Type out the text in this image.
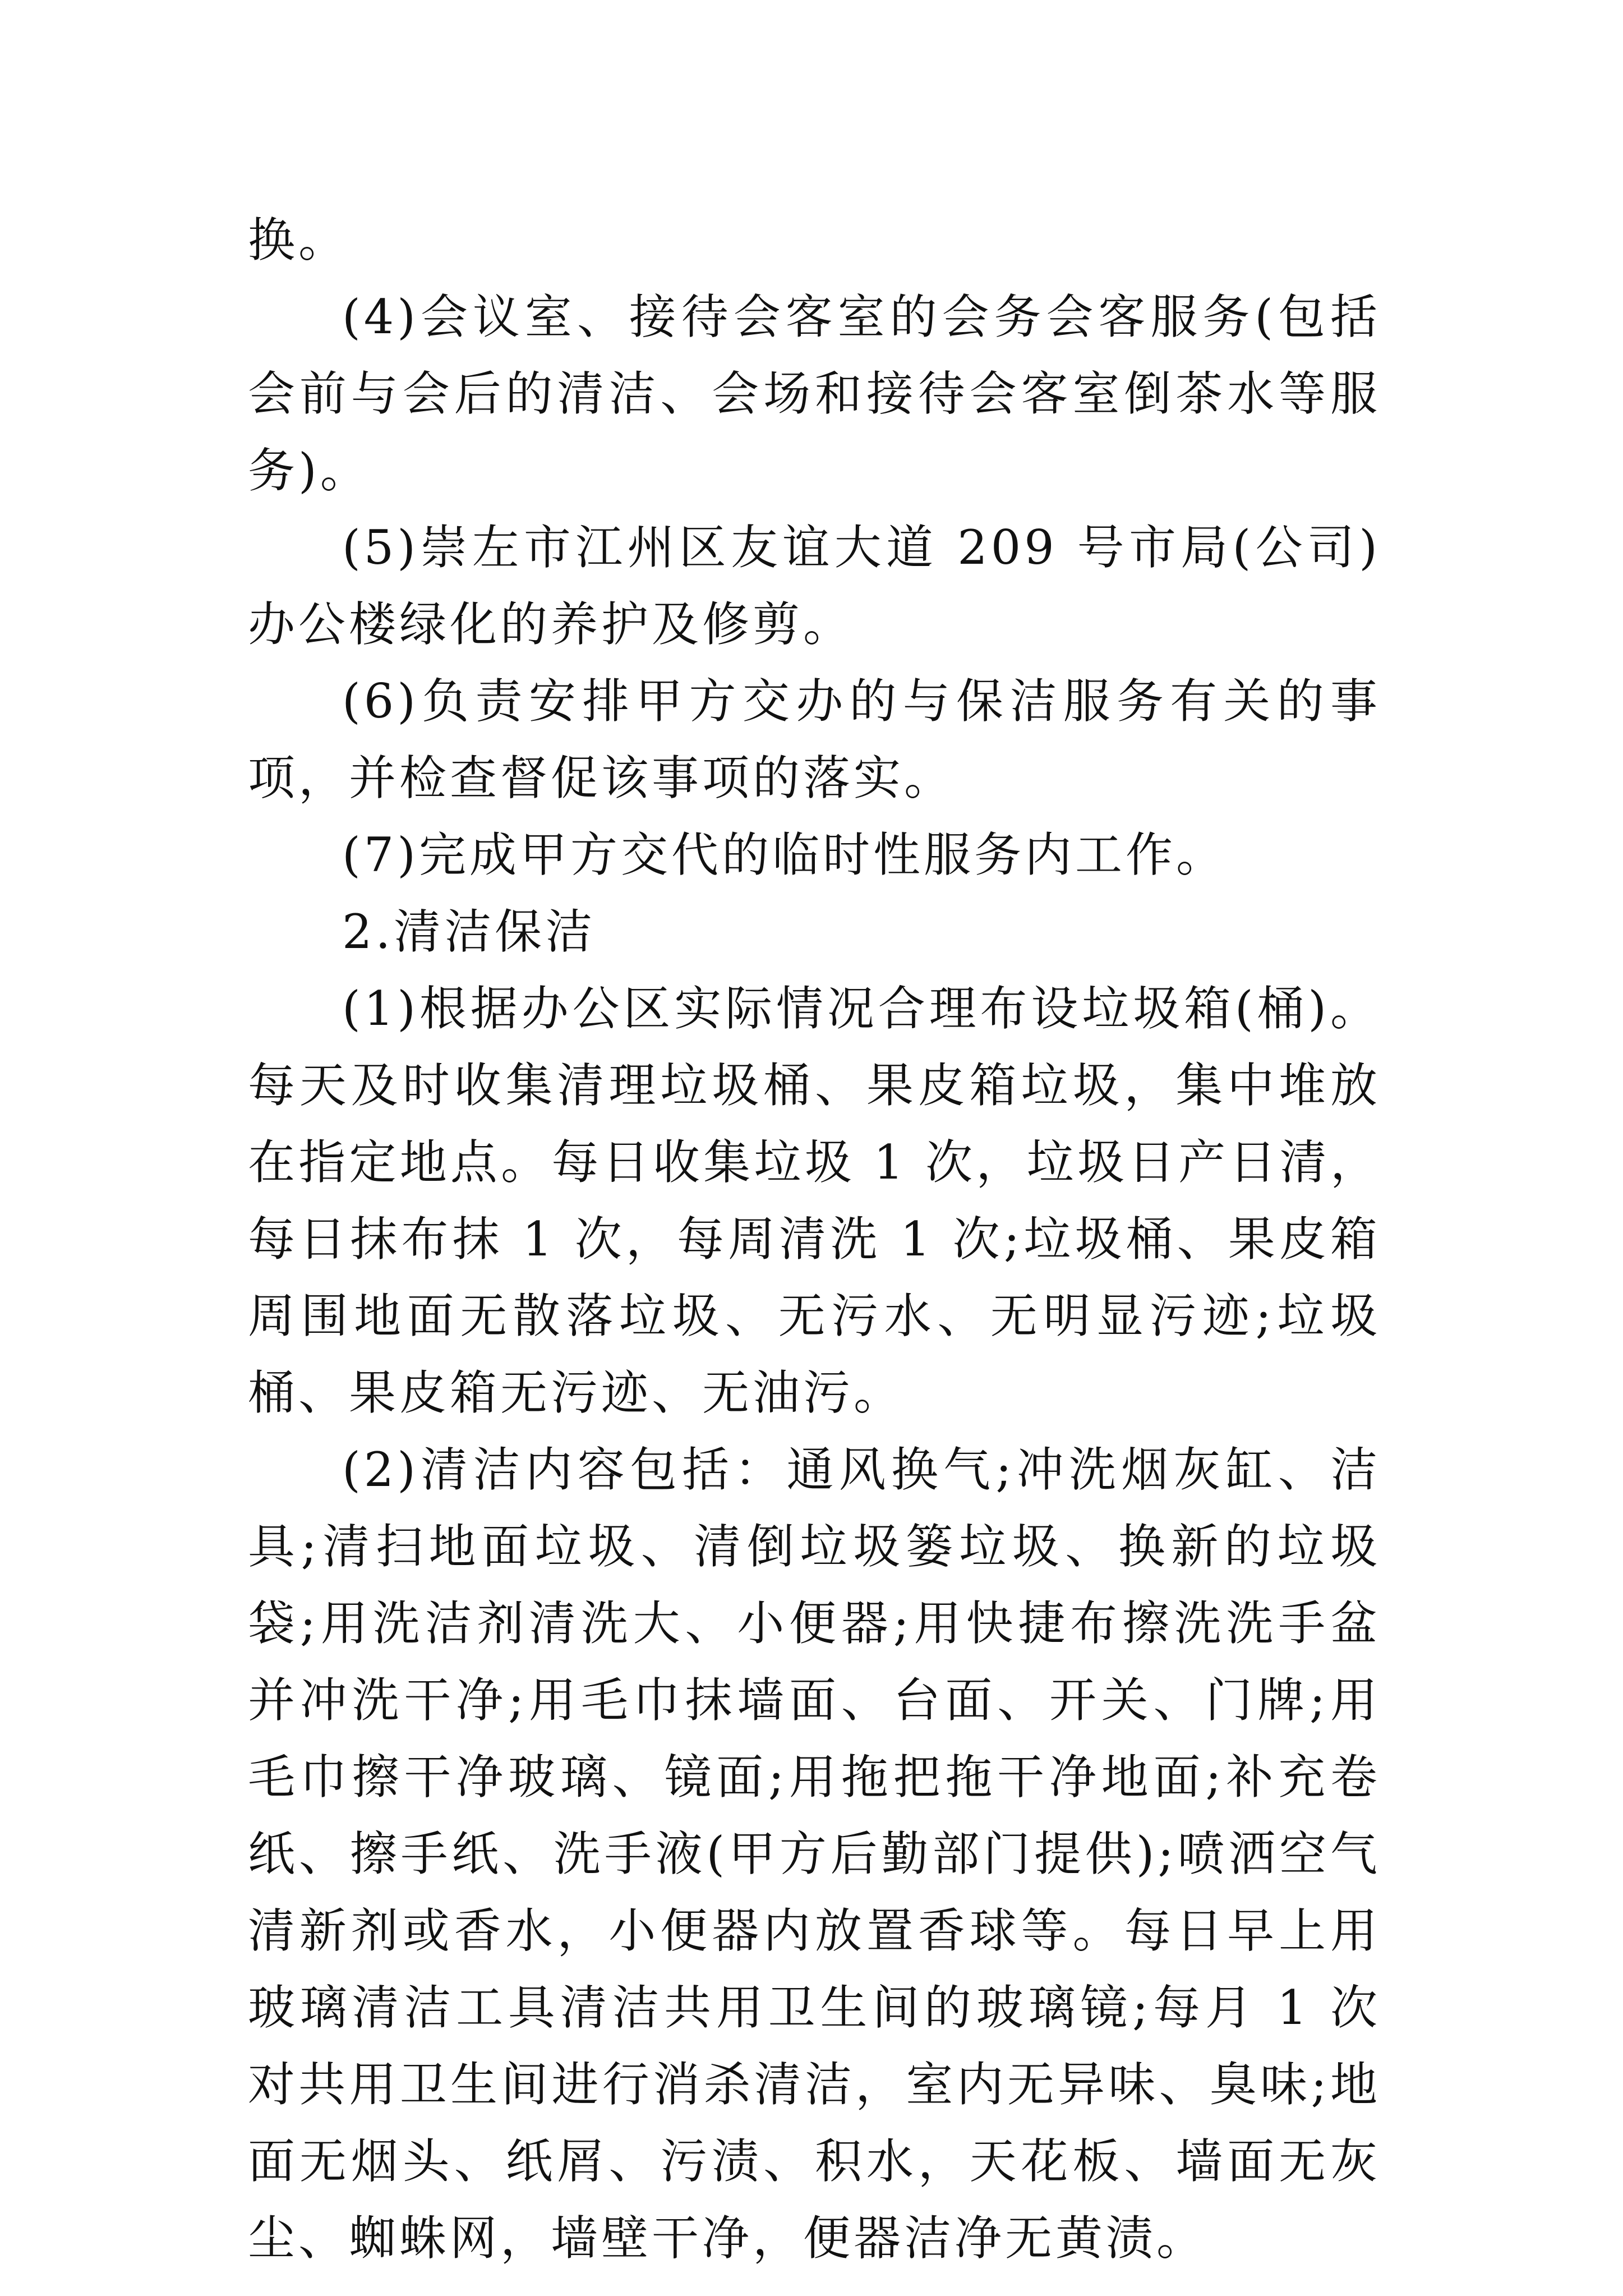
换。

(4)会议室、接待会客室的会务会客服务(包括会前与会后的清洁、会场和接待会客室倒茶水等服务)。

(5)崇左市江州区友谊大道 209 号市局(公司)办公楼绿化的养护及修剪。

(6)负责安排甲方交办的与保洁服务有关的事项，并检查督促该事项的落实。

(7)完成甲方交代的临时性服务内工作。

2.清洁保洁

(1)根据办公区实际情况合理布设垃圾箱(桶)。每天及时收集清理垃圾桶、果皮箱垃圾，集中堆放在指定地点。每日收集垃圾 1 次，垃圾日产日清，每日抹布抹 1 次，每周清洗 1 次;垃圾桶、果皮箱周围地面无散落垃圾、无污水、无明显污迹;垃圾桶、果皮箱无污迹、无油污。

(2)清洁内容包括：通风换气;冲洗烟灰缸、洁具;清扫地面垃圾、清倒垃圾篓垃圾、换新的垃圾袋;用洗洁剂清洗大、小便器;用快捷布擦洗洗手盆并冲洗干净;用毛巾抹墙面、台面、开关、门牌;用毛巾擦干净玻璃、镜面;用拖把拖干净地面;补充卷纸、擦手纸、洗手液(甲方后勤部门提供);喷洒空气清新剂或香水，小便器内放置香球等。每日早上用玻璃清洁工具清洁共用卫生间的玻璃镜;每月 1 次对共用卫生间进行消杀清洁，室内无异味、臭味;地面无烟头、纸屑、污渍、积水，天花板、墙面无灰尘、蜘蛛网，墙壁干净，便器洁净无黄渍。
